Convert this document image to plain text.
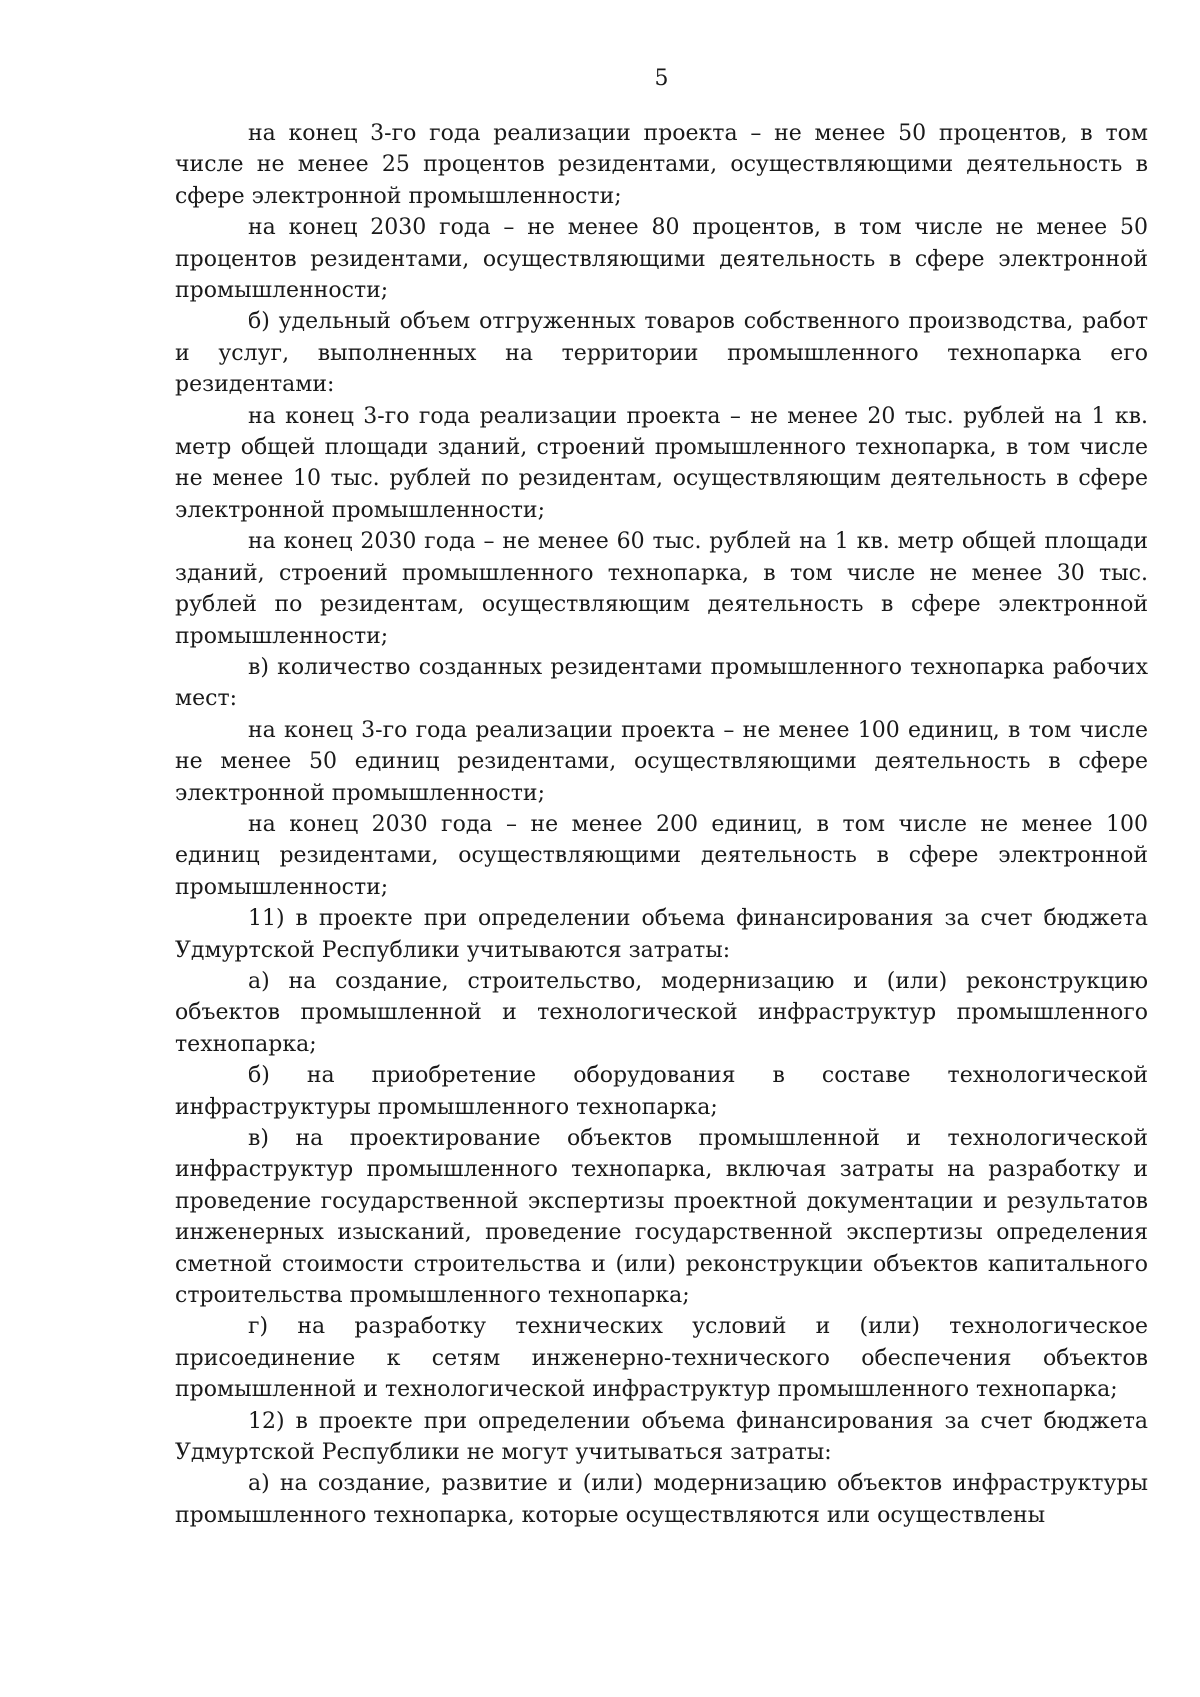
5

на конец 3-го года реализации проекта – не менее 50 процентов, в том числе не менее 25 процентов резидентами, осуществляющими деятельность в сфере электронной промышленности;

на конец 2030 года – не менее 80 процентов, в том числе не менее 50 процентов резидентами, осуществляющими деятельность в сфере электронной промышленности;

б) удельный объем отгруженных товаров собственного производства, работ и услуг, выполненных на территории промышленного технопарка его резидентами:

на конец 3-го года реализации проекта – не менее 20 тыс. рублей на 1 кв. метр общей площади зданий, строений промышленного технопарка, в том числе не менее 10 тыс. рублей по резидентам, осуществляющим деятельность в сфере электронной промышленности;

на конец 2030 года – не менее 60 тыс. рублей на 1 кв. метр общей площади зданий, строений промышленного технопарка, в том числе не менее 30 тыс. рублей по резидентам, осуществляющим деятельность в сфере электронной промышленности;

в) количество созданных резидентами промышленного технопарка рабочих мест:

на конец 3-го года реализации проекта – не менее 100 единиц, в том числе не менее 50 единиц резидентами, осуществляющими деятельность в сфере электронной промышленности;

на конец 2030 года – не менее 200 единиц, в том числе не менее 100 единиц резидентами, осуществляющими деятельность в сфере электронной промышленности;

11) в проекте при определении объема финансирования за счет бюджета Удмуртской Республики учитываются затраты:

а) на создание, строительство, модернизацию и (или) реконструкцию объектов промышленной и технологической инфраструктур промышленного технопарка;

б) на приобретение оборудования в составе технологической инфраструктуры промышленного технопарка;

в) на проектирование объектов промышленной и технологической инфраструктур промышленного технопарка, включая затраты на разработку и проведение государственной экспертизы проектной документации и результатов инженерных изысканий, проведение государственной экспертизы определения сметной стоимости строительства и (или) реконструкции объектов капитального строительства промышленного технопарка;

г) на разработку технических условий и (или) технологическое присоединение к сетям инженерно-технического обеспечения объектов промышленной и технологической инфраструктур промышленного технопарка;

12) в проекте при определении объема финансирования за счет бюджета Удмуртской Республики не могут учитываться затраты:

а) на создание, развитие и (или) модернизацию объектов инфраструктуры промышленного технопарка, которые осуществляются или осуществлены
